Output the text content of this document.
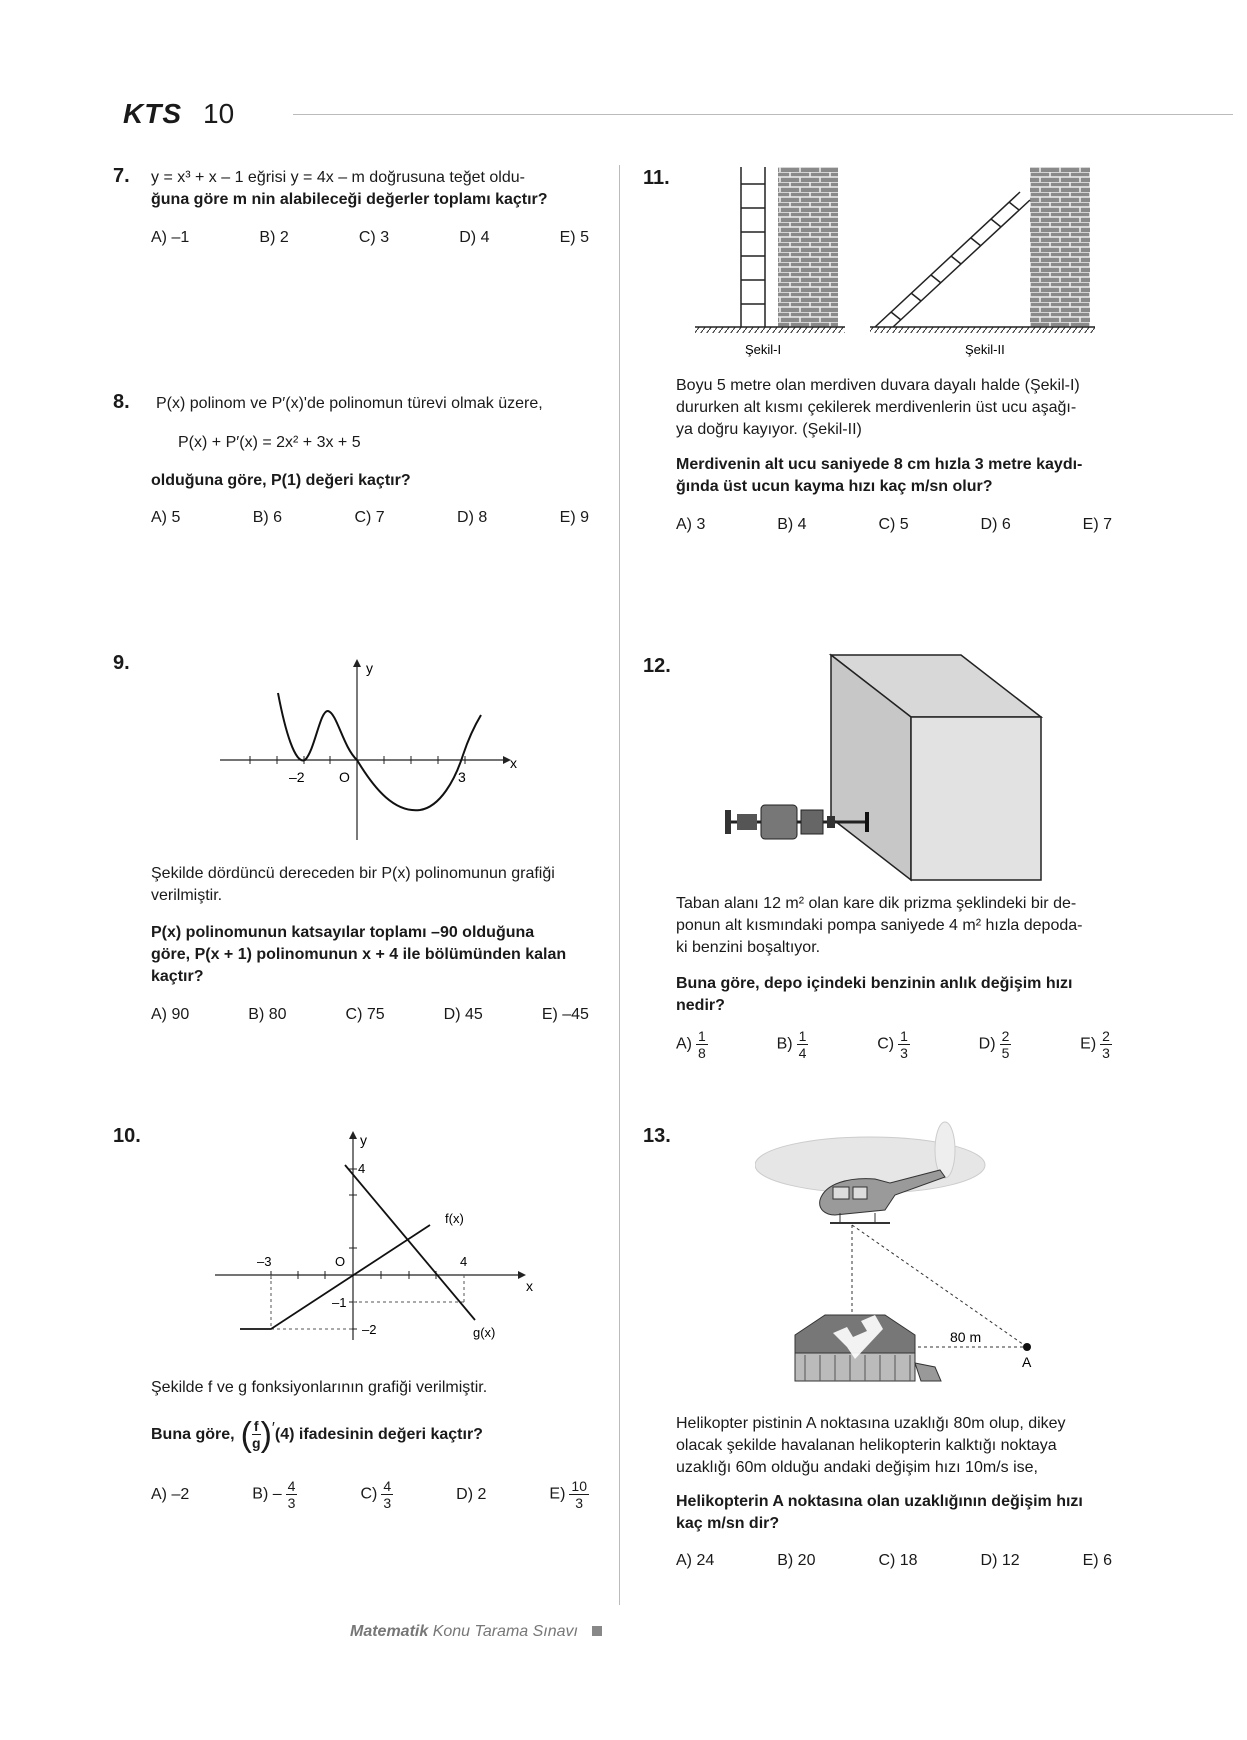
KTS 10
7. y = x³ + x – 1 eğrisi y = 4x – m doğrusuna teğet oldu-
ğuna göre m nin alabileceği değerler toplamı kaçtır?
A) –1	B) 2	C) 3	D) 4	E) 5
8. P(x) polinom ve P′(x)'de polinomun türevi olmak üzere,
P(x) + P′(x) = 2x² + 3x + 5
olduğuna göre, P(1) değeri kaçtır?
A) 5	B) 6	C) 7	D) 8	E) 9
9.	y
x
–2 O	3
Şekilde dördüncü dereceden bir P(x) polinomunun grafiği
verilmiştir.
P(x) polinomunun katsayılar toplamı –90 olduğuna
göre, P(x + 1) polinomunun x + 4 ile bölümünden kalan
kaçtır?
A) 90	B) 80	C) 75	D) 45	E) –45
10.	y
x
4
–3	O	4
–1
–2
f(x)
g(x)
Şekilde f ve g fonksiyonlarının grafiği verilmiştir.
Buna göre, ( $\frac{f}{g}$ ) ′ (4) ifadesinin değeri kaçtır?
A) –2	$B) - \frac{4}{3}$	$C) \frac{4}{3}$	D) 2	$E) \frac{10}{3}$
11.
Şekil-I	Şekil-II
Boyu 5 metre olan merdiven duvara dayalı halde (Şekil-I)
dururken alt kısmı çekilerek merdivenlerin üst ucu aşağı-
ya doğru kayıyor. (Şekil-II)
Merdivenin alt ucu saniyede 8 cm hızla 3 metre kaydı-
ğında üst ucun kayma hızı kaç m/sn olur?
A) 3	B) 4	C) 5	D) 6	E) 7
12.
Taban alanı 12 m² olan kare dik prizma şeklindeki bir de-
ponun alt kısmındaki pompa saniyede 4 m² hızla depoda-
ki benzini boşaltıyor.
Buna göre, depo içindeki benzinin anlık değişim hızı
nedir?
$A) \frac{1}{8}$	$B) \frac{1}{4}$	$C) \frac{1}{3}$	$D) \frac{2}{5}$	$E) \frac{2}{3}$
13.
80 m
A
Helikopter pistinin A noktasına uzaklığı 80m olup, dikey
olacak şekilde havalanan helikopterin kalktığı noktaya
uzaklığı 60m olduğu andaki değişim hızı 10m/s ise,
Helikopterin A noktasına olan uzaklığının değişim hızı
kaç m/sn dir?
A) 24	B) 20	C) 18	D) 12	E) 6
Matematik Konu Tarama Sınavı
